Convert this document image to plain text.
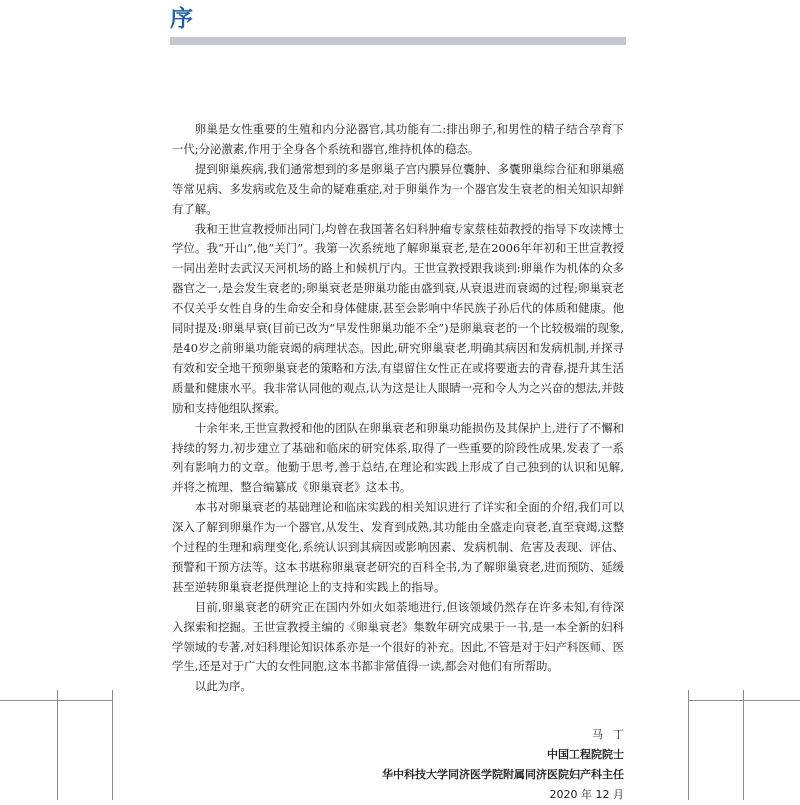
序

卵巢是女性重要的生殖和内分泌器官,其功能有二:排出卵子,和男性的精子结合孕育下一代;分泌激素,作用于全身各个系统和器官,维持机体的稳态。

提到卵巢疾病,我们通常想到的多是卵巢子宫内膜异位囊肿、多囊卵巢综合征和卵巢癌等常见病、多发病或危及生命的疑难重症,对于卵巢作为一个器官发生衰老的相关知识却鲜有了解。

我和王世宣教授师出同门,均曾在我国著名妇科肿瘤专家蔡桂茹教授的指导下攻读博士学位。我“开山”,他“关门”。我第一次系统地了解卵巢衰老,是在2006年年初和王世宣教授一同出差时去武汉天河机场的路上和候机厅内。王世宣教授跟我谈到:卵巢作为机体的众多器官之一,是会发生衰老的;卵巢衰老是卵巢功能由盛到衰,从衰退进而衰竭的过程;卵巢衰老不仅关乎女性自身的生命安全和身体健康,甚至会影响中华民族子孙后代的体质和健康。他同时提及:卵巢早衰(目前已改为“早发性卵巢功能不全”)是卵巢衰老的一个比较极端的现象,是40岁之前卵巢功能衰竭的病理状态。因此,研究卵巢衰老,明确其病因和发病机制,并探寻有效和安全地干预卵巢衰老的策略和方法,有望留住女性正在或将要逝去的青春,提升其生活质量和健康水平。我非常认同他的观点,认为这是让人眼睛一亮和令人为之兴奋的想法,并鼓励和支持他组队探索。

十余年来,王世宣教授和他的团队在卵巢衰老和卵巢功能损伤及其保护上,进行了不懈和持续的努力,初步建立了基础和临床的研究体系,取得了一些重要的阶段性成果,发表了一系列有影响力的文章。他勤于思考,善于总结,在理论和实践上形成了自己独到的认识和见解,并将之梳理、整合编纂成《卵巢衰老》这本书。

本书对卵巢衰老的基础理论和临床实践的相关知识进行了详实和全面的介绍,我们可以深入了解到卵巢作为一个器官,从发生、发育到成熟,其功能由全盛走向衰老,直至衰竭,这整个过程的生理和病理变化,系统认识到其病因或影响因素、发病机制、危害及表现、评估、预警和干预方法等。这本书堪称卵巢衰老研究的百科全书,为了解卵巢衰老,进而预防、延缓甚至逆转卵巢衰老提供理论上的支持和实践上的指导。

目前,卵巢衰老的研究正在国内外如火如荼地进行,但该领域仍然存在许多未知,有待深入探索和挖掘。王世宣教授主编的《卵巢衰老》集数年研究成果于一书,是一本全新的妇科学领域的专著,对妇科理论知识体系亦是一个很好的补充。因此,不管是对于妇产科医师、医学生,还是对于广大的女性同胞,这本书都非常值得一读,都会对他们有所帮助。

以此为序。

马丁
中国工程院院士
华中科技大学同济医学院附属同济医院妇产科主任
2020 年 12 月
